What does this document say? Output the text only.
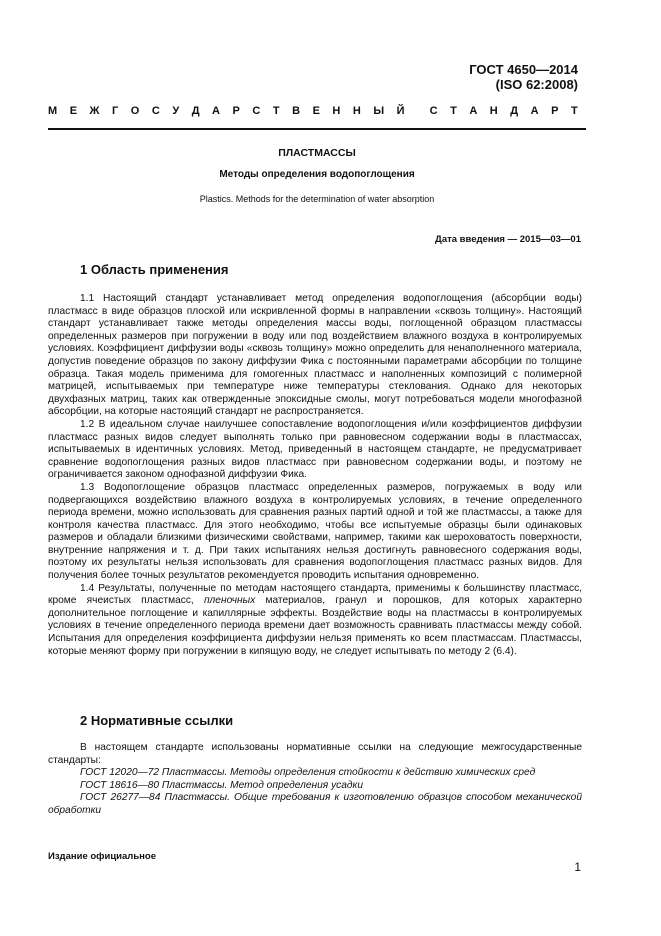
ГОСТ 4650—2014
(ISO 62:2008)
М Е Ж Г О С У Д А Р С Т В Е Н Н Ы Й С Т А Н Д А Р Т
ПЛАСТМАССЫ
Методы определения водопоглощения
Plastics. Methods for the determination of water absorption
Дата введения — 2015—03—01
1 Область применения

1.1 Настоящий стандарт устанавливает метод определения водопоглощения (абсорбции воды) пластмасс в виде образцов плоской или искривленной формы в направлении «сквозь толщину». Настоящий стандарт устанавливает также методы определения массы воды, поглощенной образцом пластмассы определенных размеров при погружении в воду или под воздействием влажного воздуха в контролируемых условиях. Коэффициент диффузии воды «сквозь толщину» можно определить для ненаполненного материала, допустив поведение образцов по закону диффузии Фика с постоянными параметрами абсорбции по толщине образца. Такая модель применима для гомогенных пластмасс и наполненных композиций с полимерной матрицей, испытываемых при температуре ниже температуры стеклования. Однако для некоторых двухфазных матриц, таких как отвержденные эпоксидные смолы, могут потребоваться модели многофазной абсорбции, на которые настоящий стандарт не распространяется.

1.2 В идеальном случае наилучшее сопоставление водопоглощения и/или коэффициентов диффузии пластмасс разных видов следует выполнять только при равновесном содержании воды в пластмассах, испытываемых в идентичных условиях. Метод, приведенный в настоящем стандарте, не предусматривает сравнение водопоглощения разных видов пластмасс при равновесном содержании воды, и поэтому не ограничивается законом однофазной диффузии Фика.

1.3 Водопоглощение образцов пластмасс определенных размеров, погружаемых в воду или подвергающихся воздействию влажного воздуха в контролируемых условиях, в течение определенного периода времени, можно использовать для сравнения разных партий одной и той же пластмассы, а также для контроля качества пластмасс. Для этого необходимо, чтобы все испытуемые образцы были одинаковых размеров и обладали близкими физическими свойствами, например, такими как шероховатость поверхности, внутренние напряжения и т. д. При таких испытаниях нельзя достигнуть равновесного содержания воды, поэтому их результаты нельзя использовать для сравнения водопоглощения пластмасс разных видов. Для получения более точных результатов рекомендуется проводить испытания одновременно.

1.4 Результаты, полученные по методам настоящего стандарта, применимы к большинству пластмасс, кроме ячеистых пластмасс, пленочных материалов, гранул и порошков, для которых характерно дополнительное поглощение и капиллярные эффекты. Воздействие воды на пластмассы в контролируемых условиях в течение определенного периода времени дает возможность сравнивать пластмассы между собой. Испытания для определения коэффициента диффузии нельзя применять ко всем пластмассам. Пластмассы, которые меняют форму при погружении в кипящую воду, не следует испытывать по методу 2 (6.4).

2 Нормативные ссылки

В настоящем стандарте использованы нормативные ссылки на следующие межгосударственные стандарты:

ГОСТ 12020—72 Пластмассы. Методы определения стойкости к действию химических сред

ГОСТ 18616—80 Пластмассы. Метод определения усадки

ГОСТ 26277—84 Пластмассы. Общие требования к изготовлению образцов способом механической обработки

Издание официальное
1
